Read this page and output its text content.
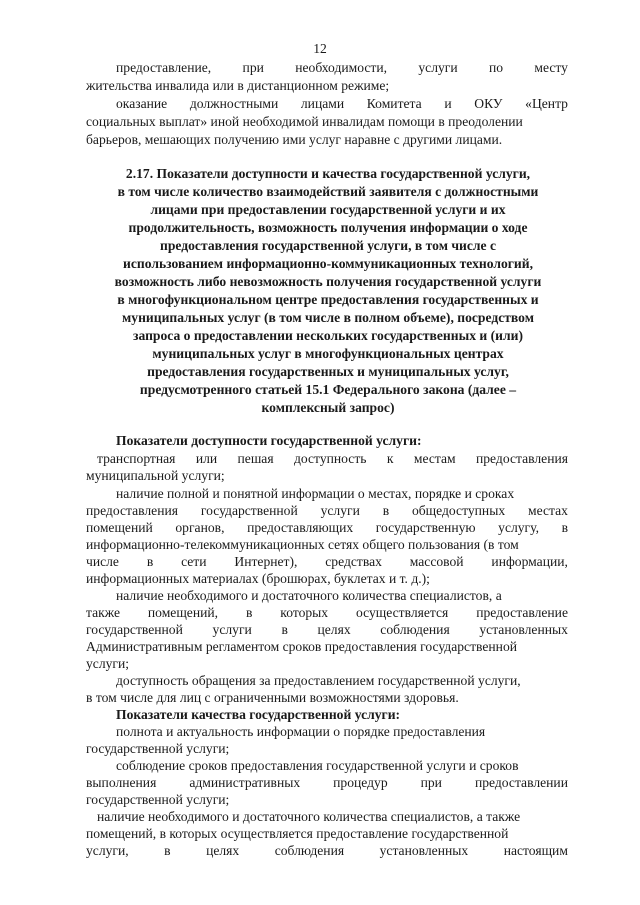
12
предоставление, при необходимости, услуги по месту
жительства инвалида или в дистанционном режиме;
оказание должностными лицами Комитета и ОКУ «Центр
социальных выплат» иной необходимой инвалидам помощи в преодолении
барьеров, мешающих получению ими услуг наравне с другими лицами.
2.17. Показатели доступности и качества государственной услуги,
в том числе количество взаимодействий заявителя с должностными
лицами при предоставлении государственной услуги и их
продолжительность, возможность получения информации о ходе
предоставления государственной услуги, в том числе с
использованием информационно-коммуникационных технологий,
возможность либо невозможность получения государственной услуги
в многофункциональном центре предоставления государственных и
муниципальных услуг (в том числе в полном объеме), посредством
запроса о предоставлении нескольких государственных и (или)
муниципальных услуг в многофункциональных центрах
предоставления государственных и муниципальных услуг,
предусмотренного статьей 15.1 Федерального закона (далее –
комплексный запрос)
Показатели доступности государственной услуги:
транспортная или пешая доступность к местам предоставления
муниципальной услуги;
наличие полной и понятной информации о местах, порядке и сроках
предоставления государственной услуги в общедоступных местах
помещений органов, предоставляющих государственную услугу, в
информационно-телекоммуникационных сетях общего пользования (в том
числе в сети Интернет), средствах массовой информации,
информационных материалах (брошюрах, буклетах и т. д.);
наличие необходимого и достаточного количества специалистов, а
также помещений, в которых осуществляется предоставление
государственной услуги в целях соблюдения установленных
Административным регламентом сроков предоставления государственной
услуги;
доступность обращения за предоставлением государственной услуги,
в том числе для лиц с ограниченными возможностями здоровья.
Показатели качества государственной услуги:
полнота и актуальность информации о порядке предоставления
государственной услуги;
соблюдение сроков предоставления государственной услуги и сроков
выполнения административных процедур при предоставлении
государственной услуги;
наличие необходимого и достаточного количества специалистов, а также
помещений, в которых осуществляется предоставление государственной
услуги,	в	целях	соблюдения	установленных	настоящим
